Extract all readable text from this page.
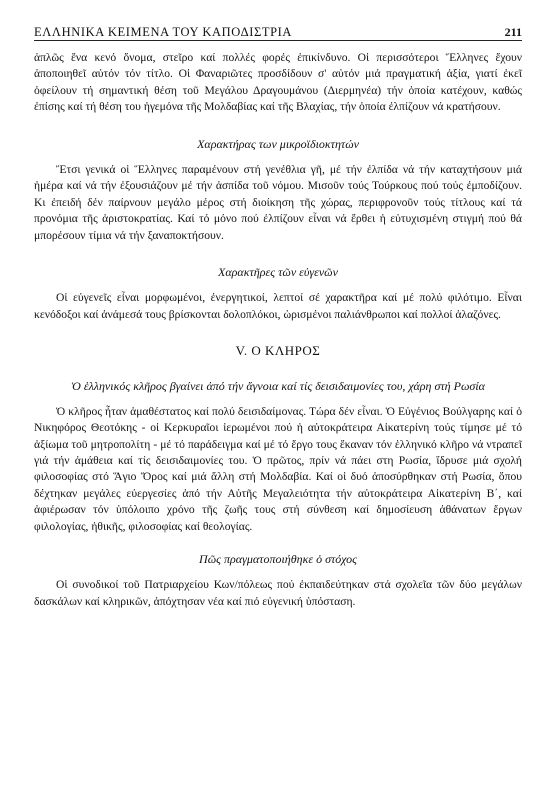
ΕΛΛΗΝΙΚΑ ΚΕΙΜΕΝΑ ΤΟΥ ΚΑΠΟΔΙΣΤΡΙΑ	211

ἁπλῶς ἕνα κενό ὄνομα, στεῖρο καί πολλές φορές ἐπικίνδυνο. Οἱ περισσότεροι Ἕλληνες ἔχουν ἀποποιηθεῖ αὐτόν τόν τίτλο. Οἱ Φαναριῶτες προσδίδουν σ' αὐτόν μιά πραγματική ἀξία, γιατί ἐκεῖ ὀφείλουν τή σημαντική θέση τοῦ Μεγάλου Δραγουμάνου (Διερμηνέα) τήν ὁποία κατέχουν, καθώς ἐπίσης καί τή θέση του ἡγεμόνα τῆς Μολδαβίας καί τῆς Βλαχίας, τήν ὁποία ἐλπίζουν νά κρατήσουν.

Χαρακτήρας των μικροϊδιοκτητών

Ἔτσι γενικά οἱ Ἕλληνες παραμένουν στή γενέθλια γῆ, μέ τήν ἐλπίδα νά τήν καταχτήσουν μιά ἡμέρα καί νά τήν ἐξουσιάζουν μέ τήν ἀσπίδα τοῦ νόμου. Μισοῦν τούς Τούρκους πού τούς ἐμποδίζουν. Κι ἐπειδή δέν παίρνουν μεγάλο μέρος στή διοίκηση τῆς χώρας, περιφρονοῦν τούς τίτλους καί τά προνόμια τῆς ἀριστοκρατίας. Καί τό μόνο πού ἐλπίζουν εἶναι νά ἔρθει ἡ εὐτυχισμένη στιγμή πού θά μπορέσουν τίμια νά τήν ξαναποκτήσουν.

Χαρακτῆρες τῶν εὐγενῶν

Οἱ εὐγενεῖς εἶναι μορφωμένοι, ἐνεργητικοί, λεπτοί σέ χαρακτῆρα καί μέ πολύ φιλότιμο. Εἶναι κενόδοξοι καί ἀνάμεσά τους βρίσκονται δολοπλόκοι, ὡρισμένοι παλιάνθρωποι καί πολλοί ἀλαζόνες.

V. Ο ΚΛΗΡΟΣ
Ὁ ἑλληνικός κλῆρος βγαίνει ἀπό τήν ἄγνοια καί τίς δεισιδαιμονίες του, χάρη στή Ρωσία

Ὁ κλῆρος ἦταν ἀμαθέστατος καί πολύ δεισιδαίμονας. Τώρα δέν εἶναι. Ὁ Εὐγένιος Βούλγαρης καί ὁ Νικηφόρος Θεοτόκης - οἱ Κερκυραῖοι ἱερωμένοι πού ἡ αὐτοκράτειρα Αἰκατερίνη τούς τίμησε μέ τό ἀξίωμα τοῦ μητροπολίτη - μέ τό παράδειγμα καί μέ τό ἔργο τους ἔκαναν τόν ἑλληνικό κλῆρο νά ντραπεῖ γιά τήν ἀμάθεια καί τίς δεισιδαιμονίες του. Ὁ πρῶτος, πρίν νά πάει στη Ρωσία, ἵδρυσε μιά σχολή φιλοσοφίας στό Ἅγιο Ὄρος καί μιά ἄλλη στή Μολδαβία. Καί οἱ δυό ἀποσύρθηκαν στή Ρωσία, ὅπου δέχτηκαν μεγάλες εὐεργεσίες ἀπό τήν Αὐτῆς Μεγαλειότητα τήν αὐτοκράτειρα Αἰκατερίνη Β΄, καί ἀφιέρωσαν τόν ὑπόλοιπο χρόνο τῆς ζωῆς τους στή σύνθεση καί δημοσίευση ἀθάνατων ἔργων φιλολογίας, ἠθικῆς, φιλοσοφίας καί θεολογίας.

Πῶς πραγματοποιήθηκε ὁ στόχος

Οἱ συνοδικοί τοῦ Πατριαρχείου Κων/πόλεως πού ἐκπαιδεύτηκαν στά σχολεῖα τῶν δύο μεγάλων δασκάλων καί κληρικῶν, ἀπόχτησαν νέα καί πιό εὐγενική ὑπόσταση.
